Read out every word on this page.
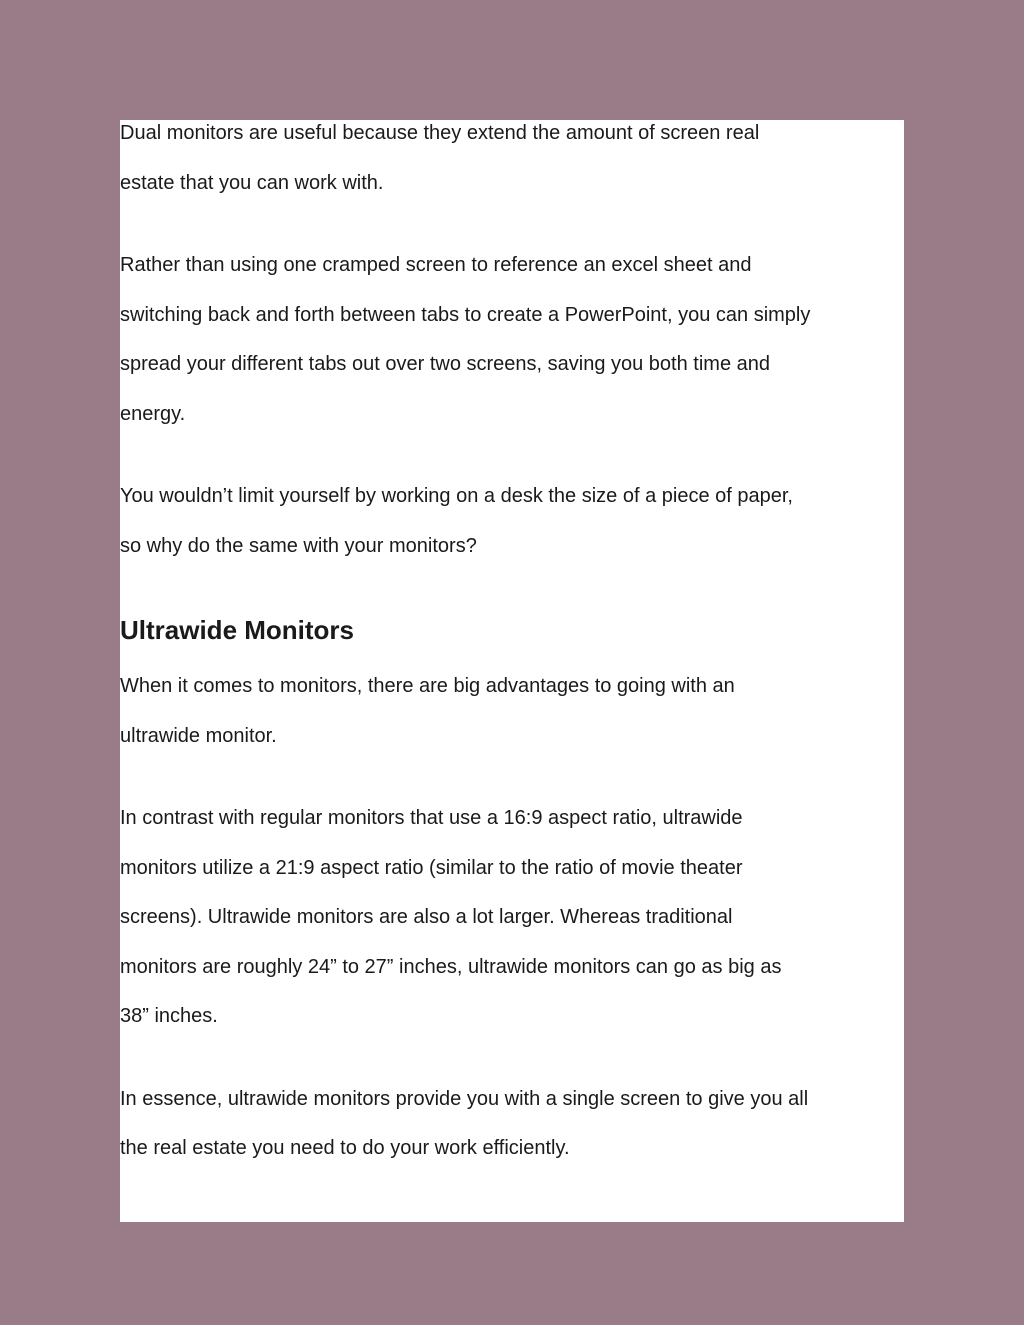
Dual monitors are useful because they extend the amount of screen real
estate that you can work with.

Rather than using one cramped screen to reference an excel sheet and
switching back and forth between tabs to create a PowerPoint, you can simply
spread your different tabs out over two screens, saving you both time and
energy.

You wouldn’t limit yourself by working on a desk the size of a piece of paper,
so why do the same with your monitors?

Ultrawide Monitors

When it comes to monitors, there are big advantages to going with an
ultrawide monitor.

In contrast with regular monitors that use a 16:9 aspect ratio, ultrawide
monitors utilize a 21:9 aspect ratio (similar to the ratio of movie theater
screens). Ultrawide monitors are also a lot larger. Whereas traditional
monitors are roughly 24” to 27” inches, ultrawide monitors can go as big as
38” inches.

In essence, ultrawide monitors provide you with a single screen to give you all
the real estate you need to do your work efficiently.
